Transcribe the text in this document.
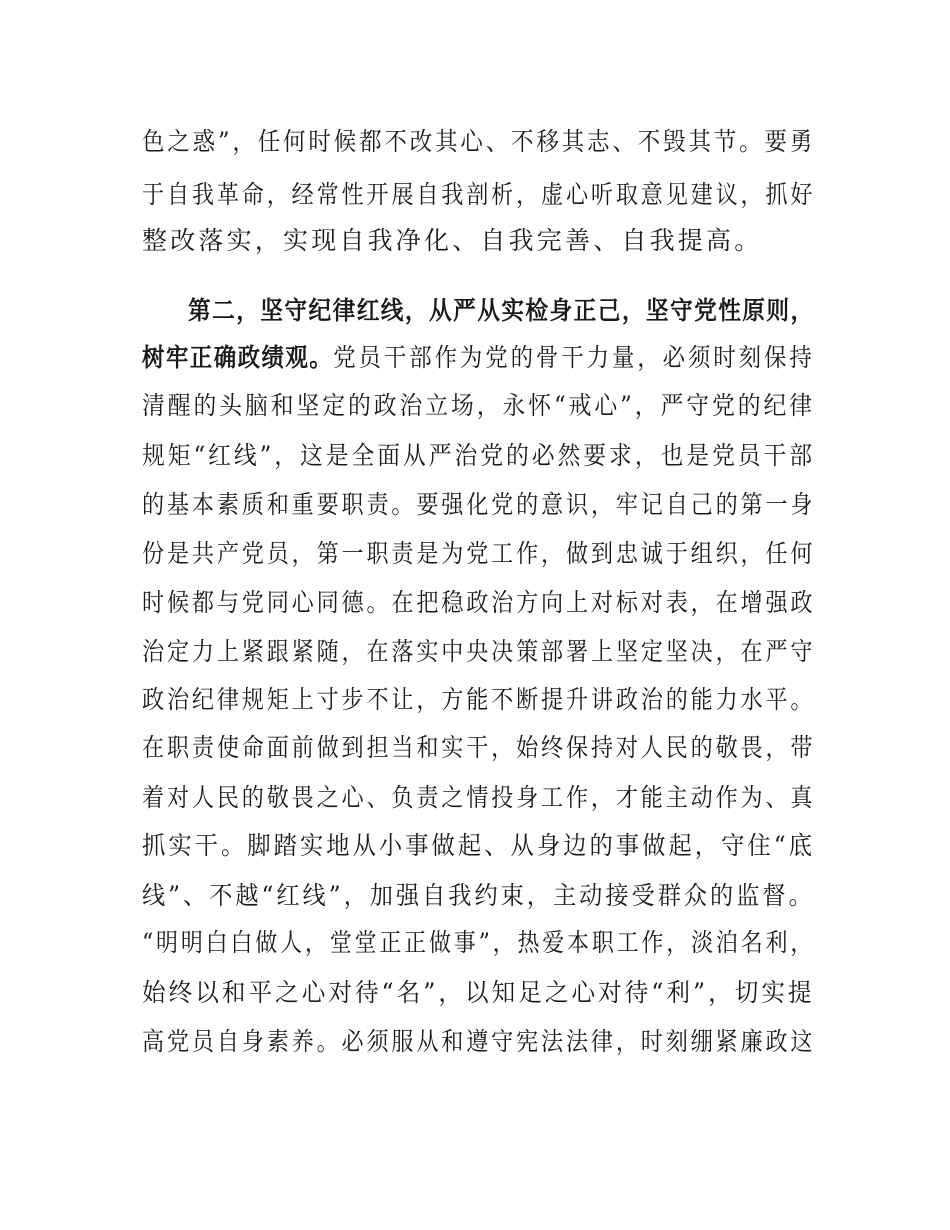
色之惑”，任何时候都不改其心、不移其志、不毁其节。要勇
于自我革命，经常性开展自我剖析，虚心听取意见建议，抓好
整改落实，实现自我净化、自我完善、自我提高。
第二，坚守纪律红线，从严从实检身正己，坚守党性原则，
树牢正确政绩观。党员干部作为党的骨干力量，必须时刻保持
清醒的头脑和坚定的政治立场，永怀“戒心”，严守党的纪律
规矩“红线”，这是全面从严治党的必然要求，也是党员干部
的基本素质和重要职责。要强化党的意识，牢记自己的第一身
份是共产党员，第一职责是为党工作，做到忠诚于组织，任何
时候都与党同心同德。在把稳政治方向上对标对表，在增强政
治定力上紧跟紧随，在落实中央决策部署上坚定坚决，在严守
政治纪律规矩上寸步不让，方能不断提升讲政治的能力水平。
在职责使命面前做到担当和实干，始终保持对人民的敬畏，带
着对人民的敬畏之心、负责之情投身工作，才能主动作为、真
抓实干。脚踏实地从小事做起、从身边的事做起，守住“底
线”、不越“红线”，加强自我约束，主动接受群众的监督。
“明明白白做人，堂堂正正做事”，热爱本职工作，淡泊名利，
始终以和平之心对待“名”，以知足之心对待“利”，切实提
高党员自身素养。必须服从和遵守宪法法律，时刻绷紧廉政这
